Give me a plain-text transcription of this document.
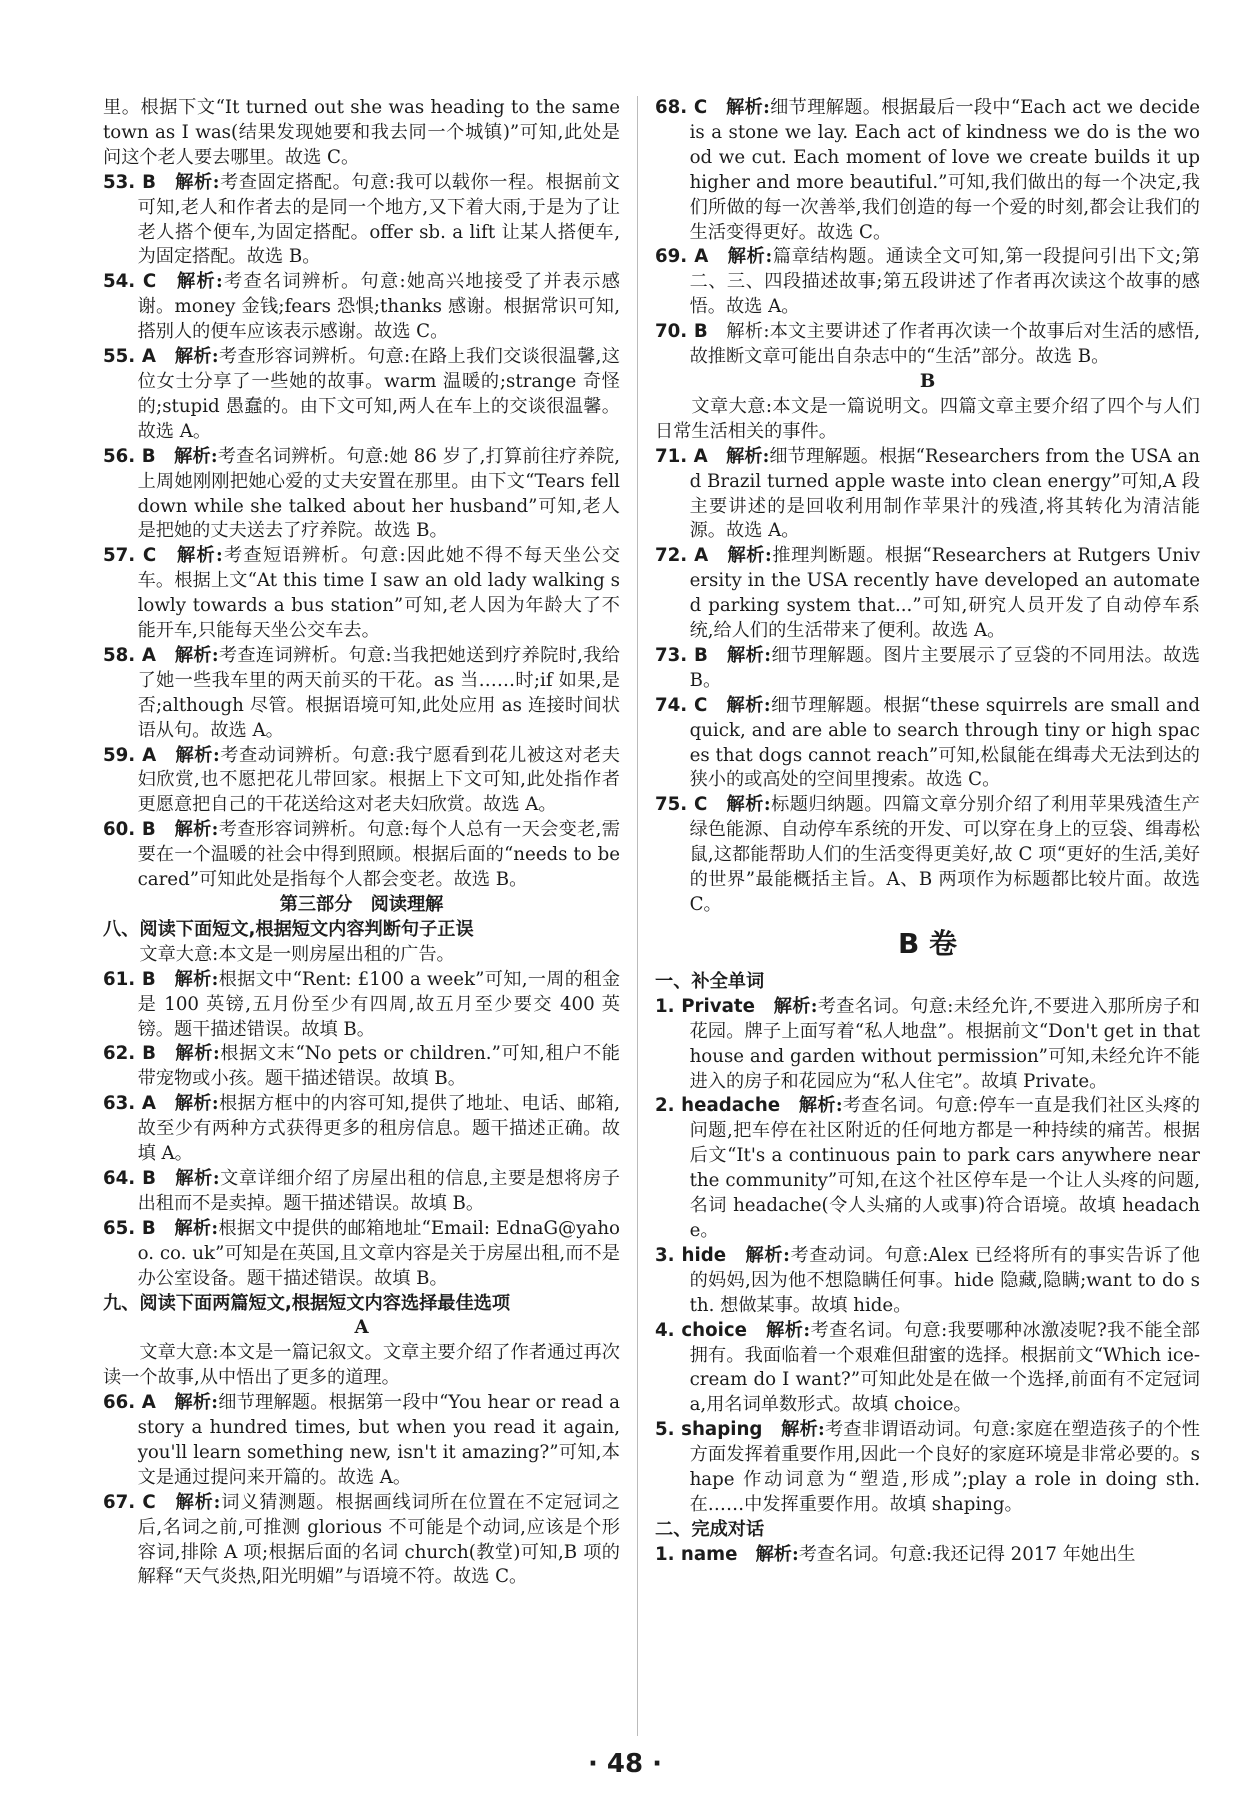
里。根据下文“It turned out she was heading to the same town as I was(结果发现她要和我去同一个城镇)”可知,此处是问这个老人要去哪里。故选 C。

53. B　解析:考查固定搭配。句意:我可以载你一程。根据前文可知,老人和作者去的是同一个地方,又下着大雨,于是为了让老人搭个便车,为固定搭配。offer sb. a lift 让某人搭便车,为固定搭配。故选 B。

54. C　解析:考查名词辨析。句意:她高兴地接受了并表示感谢。money 金钱;fears 恐惧;thanks 感谢。根据常识可知,搭别人的便车应该表示感谢。故选 C。

55. A　解析:考查形容词辨析。句意:在路上我们交谈很温馨,这位女士分享了一些她的故事。warm 温暖的;strange 奇怪的;stupid 愚蠢的。由下文可知,两人在车上的交谈很温馨。故选 A。

56. B　解析:考查名词辨析。句意:她 86 岁了,打算前往疗养院,上周她刚刚把她心爱的丈夫安置在那里。由下文“Tears fell down while she talked about her husband”可知,老人是把她的丈夫送去了疗养院。故选 B。

57. C　解析:考查短语辨析。句意:因此她不得不每天坐公交车。根据上文“At this time I saw an old lady walking slowly towards a bus station”可知,老人因为年龄大了不能开车,只能每天坐公交车去。

58. A　解析:考查连词辨析。句意:当我把她送到疗养院时,我给了她一些我车里的两天前买的干花。as 当……时;if 如果,是否;although 尽管。根据语境可知,此处应用 as 连接时间状语从句。故选 A。

59. A　解析:考查动词辨析。句意:我宁愿看到花儿被这对老夫妇欣赏,也不愿把花儿带回家。根据上下文可知,此处指作者更愿意把自己的干花送给这对老夫妇欣赏。故选 A。

60. B　解析:考查形容词辨析。句意:每个人总有一天会变老,需要在一个温暖的社会中得到照顾。根据后面的“needs to be cared”可知此处是指每个人都会变老。故选 B。

第三部分　阅读理解

八、阅读下面短文,根据短文内容判断句子正误

文章大意:本文是一则房屋出租的广告。

61. B　解析:根据文中“Rent: £100 a week”可知,一周的租金是 100 英镑,五月份至少有四周,故五月至少要交 400 英镑。题干描述错误。故填 B。

62. B　解析:根据文末“No pets or children.”可知,租户不能带宠物或小孩。题干描述错误。故填 B。

63. A　解析:根据方框中的内容可知,提供了地址、电话、邮箱,故至少有两种方式获得更多的租房信息。题干描述正确。故填 A。

64. B　解析:文章详细介绍了房屋出租的信息,主要是想将房子出租而不是卖掉。题干描述错误。故填 B。

65. B　解析:根据文中提供的邮箱地址“Email: EdnaG@yahoo. co. uk”可知是在英国,且文章内容是关于房屋出租,而不是办公室设备。题干描述错误。故填 B。

九、阅读下面两篇短文,根据短文内容选择最佳选项

A

文章大意:本文是一篇记叙文。文章主要介绍了作者通过再次读一个故事,从中悟出了更多的道理。

66. A　解析:细节理解题。根据第一段中“You hear or read a story a hundred times, but when you read it again, you'll learn something new, isn't it amazing?”可知,本文是通过提问来开篇的。故选 A。

67. C　解析:词义猜测题。根据画线词所在位置在不定冠词之后,名词之前,可推测 glorious 不可能是个动词,应该是个形容词,排除 A 项;根据后面的名词 church(教堂)可知,B 项的解释“天气炎热,阳光明媚”与语境不符。故选 C。

68. C　解析:细节理解题。根据最后一段中“Each act we decide is a stone we lay. Each act of kindness we do is the wood we cut. Each moment of love we create builds it up higher and more beautiful.”可知,我们做出的每一个决定,我们所做的每一次善举,我们创造的每一个爱的时刻,都会让我们的生活变得更好。故选 C。

69. A　解析:篇章结构题。通读全文可知,第一段提问引出下文;第二、三、四段描述故事;第五段讲述了作者再次读这个故事的感悟。故选 A。

70. B　解析:本文主要讲述了作者再次读一个故事后对生活的感悟,故推断文章可能出自杂志中的“生活”部分。故选 B。

B

文章大意:本文是一篇说明文。四篇文章主要介绍了四个与人们日常生活相关的事件。

71. A　解析:细节理解题。根据“Researchers from the USA and Brazil turned apple waste into clean energy”可知,A 段主要讲述的是回收利用制作苹果汁的残渣,将其转化为清洁能源。故选 A。

72. A　解析:推理判断题。根据“Researchers at Rutgers University in the USA recently have developed an automated parking system that...”可知,研究人员开发了自动停车系统,给人们的生活带来了便利。故选 A。

73. B　解析:细节理解题。图片主要展示了豆袋的不同用法。故选 B。

74. C　解析:细节理解题。根据“these squirrels are small and quick, and are able to search through tiny or high spaces that dogs cannot reach”可知,松鼠能在缉毒犬无法到达的狭小的或高处的空间里搜索。故选 C。

75. C　解析:标题归纳题。四篇文章分别介绍了利用苹果残渣生产绿色能源、自动停车系统的开发、可以穿在身上的豆袋、缉毒松鼠,这都能帮助人们的生活变得更美好,故 C 项“更好的生活,美好的世界”最能概括主旨。A、B 两项作为标题都比较片面。故选 C。

B 卷

一、补全单词

1. Private　解析:考查名词。句意:未经允许,不要进入那所房子和花园。牌子上面写着“私人地盘”。根据前文“Don't get in that house and garden without permission”可知,未经允许不能进入的房子和花园应为“私人住宅”。故填 Private。

2. headache　解析:考查名词。句意:停车一直是我们社区头疼的问题,把车停在社区附近的任何地方都是一种持续的痛苦。根据后文“It's a continuous pain to park cars anywhere near the community”可知,在这个社区停车是一个让人头疼的问题,名词 headache(令人头痛的人或事)符合语境。故填 headache。

3. hide　解析:考查动词。句意:Alex 已经将所有的事实告诉了他的妈妈,因为他不想隐瞒任何事。hide 隐藏,隐瞒;want to do sth. 想做某事。故填 hide。

4. choice　解析:考查名词。句意:我要哪种冰激凌呢?我不能全部拥有。我面临着一个艰难但甜蜜的选择。根据前文“Which ice-cream do I want?”可知此处是在做一个选择,前面有不定冠词 a,用名词单数形式。故填 choice。

5. shaping　解析:考查非谓语动词。句意:家庭在塑造孩子的个性方面发挥着重要作用,因此一个良好的家庭环境是非常必要的。shape 作动词意为“塑造,形成”;play a role in doing sth. 在……中发挥重要作用。故填 shaping。

二、完成对话

1. name　解析:考查名词。句意:我还记得 2017 年她出生

· 48 ·
